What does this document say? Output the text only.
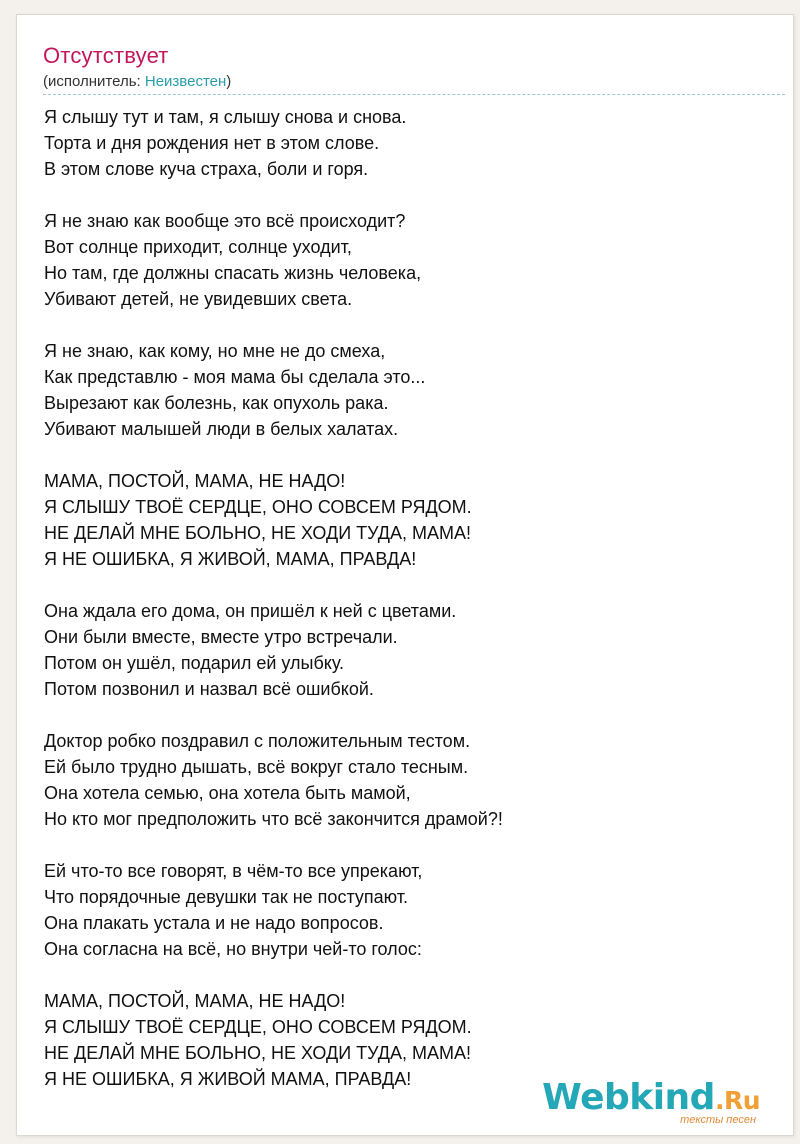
Отсутствует
(исполнитель: Неизвестен)
Я слышу тут и там, я слышу снова и снова.
Торта и дня рождения нет в этом слове.
В этом слове куча страха, боли и горя.
Я не знаю как вообще это всё происходит?
Вот солнце приходит, солнце уходит,
Но там, где должны спасать жизнь человека,
Убивают детей, не увидевших света.
Я не знаю, как кому, но мне не до смеха,
Как представлю - моя мама бы сделала это...
Вырезают как болезнь, как опухоль рака.
Убивают малышей люди в белых халатах.
МАМА, ПОСТОЙ, МАМА, НЕ НАДО!
Я СЛЫШУ ТВОЁ СЕРДЦЕ, ОНО СОВСЕМ РЯДОМ.
НЕ ДЕЛАЙ МНЕ БОЛЬНО, НЕ ХОДИ ТУДА, МАМА!
Я НЕ ОШИБКА, Я ЖИВОЙ, МАМА, ПРАВДА!
Она ждала его дома, он пришёл к ней с цветами.
Они были вместе, вместе утро встречали.
Потом он ушёл, подарил ей улыбку.
Потом позвонил и назвал всё ошибкой.
Доктор робко поздравил с положительным тестом.
Ей было трудно дышать, всё вокруг стало тесным.
Она хотела семью, она хотела быть мамой,
Но кто мог предположить что всё закончится драмой?!
Ей что-то все говорят, в чём-то все упрекают,
Что порядочные девушки так не поступают.
Она плакать устала и не надо вопросов.
Она согласна на всё, но внутри чей-то голос:
МАМА, ПОСТОЙ, МАМА, НЕ НАДО!
Я СЛЫШУ ТВОЁ СЕРДЦЕ, ОНО СОВСЕМ РЯДОМ.
НЕ ДЕЛАЙ МНЕ БОЛЬНО, НЕ ХОДИ ТУДА, МАМА!
Я НЕ ОШИБКА, Я ЖИВОЙ МАМА, ПРАВДА!	Webkind.Ru
тексты песен
